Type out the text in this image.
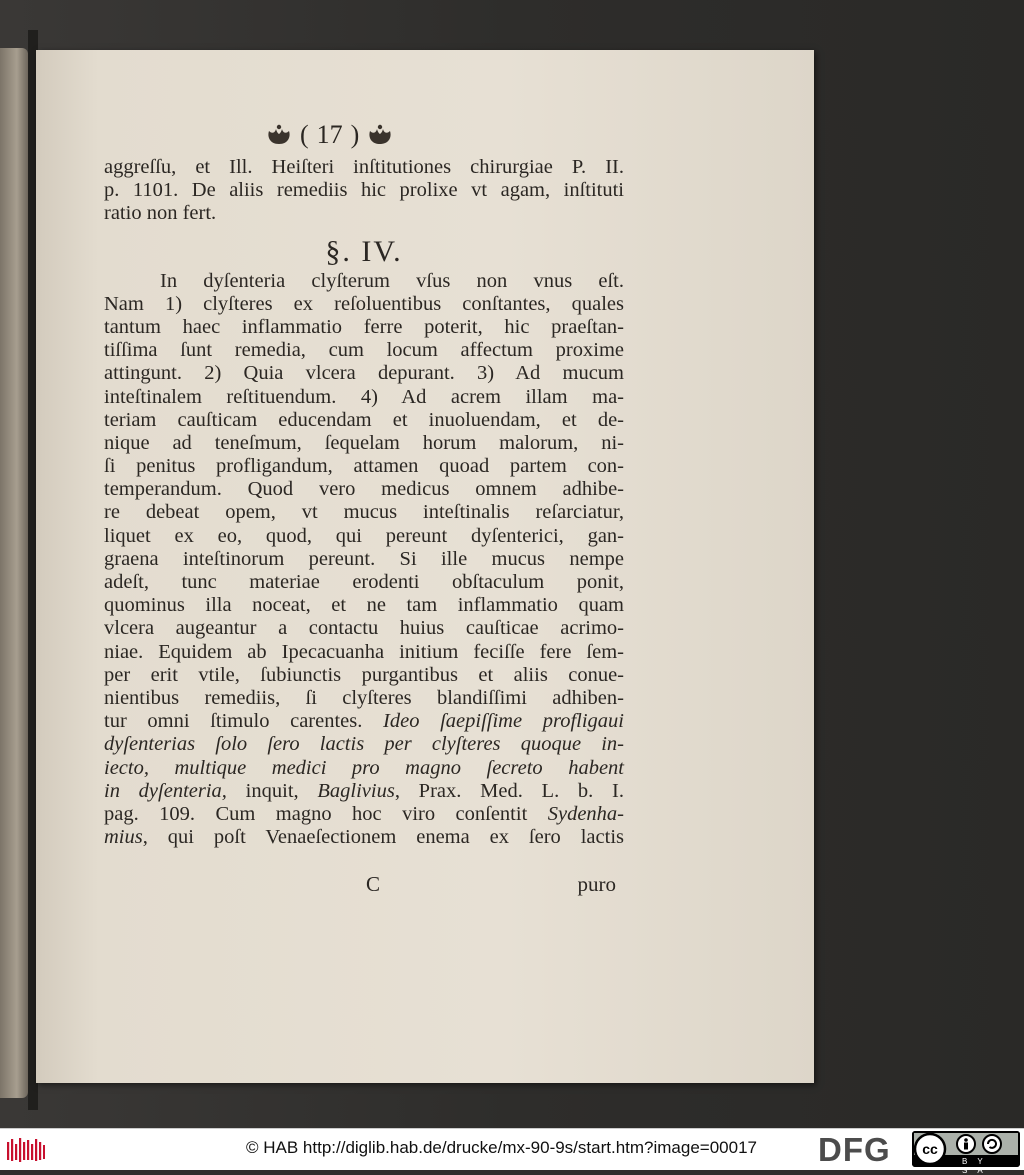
( 17 )
aggreſſu, et Ill. Heiſteri inſtitutiones chirurgiae P. II.
p. 1101. De aliis remediis hic prolixe vt agam, inſtituti
ratio non fert.
§. IV.
In dyſenteria clyſterum vſus non vnus eſt.
Nam 1) clyſteres ex reſoluentibus conſtantes, quales
tantum haec inflammatio ferre poterit, hic praeſtan-
tiſſima ſunt remedia, cum locum affectum proxime
attingunt. 2) Quia vlcera depurant. 3) Ad mucum
inteſtinalem reſtituendum. 4) Ad acrem illam ma-
teriam cauſticam educendam et inuoluendam, et de-
nique ad teneſmum, ſequelam horum malorum, ni-
ſi penitus profligandum, attamen quoad partem con-
temperandum. Quod vero medicus omnem adhibe-
re debeat opem, vt mucus inteſtinalis reſarciatur,
liquet ex eo, quod, qui pereunt dyſenterici, gan-
graena inteſtinorum pereunt. Si ille mucus nempe
adeſt, tunc materiae erodenti obſtaculum ponit,
quominus illa noceat, et ne tam inflammatio quam
vlcera augeantur a contactu huius cauſticae acrimo-
niae. Equidem ab Ipecacuanha initium feciſſe fere ſem-
per erit vtile, ſubiunctis purgantibus et aliis conue-
nientibus remediis, ſi clyſteres blandiſſimi adhiben-
tur omni ſtimulo carentes. Ideo ſaepiſſime profligaui
dyſenterias ſolo ſero lactis per clyſteres quoque in-
iecto, multique medici pro magno ſecreto habent
in dyſenteria, inquit, Baglivius, Prax. Med. L. b. I.
pag. 109. Cum magno hoc viro conſentit Sydenha-
mius, qui poſt Venaeſectionem enema ex ſero lactis
C	puro
© HAB http://diglib.hab.de/drucke/mx-90-9s/start.htm?image=00017 DFG cc
BY SA
